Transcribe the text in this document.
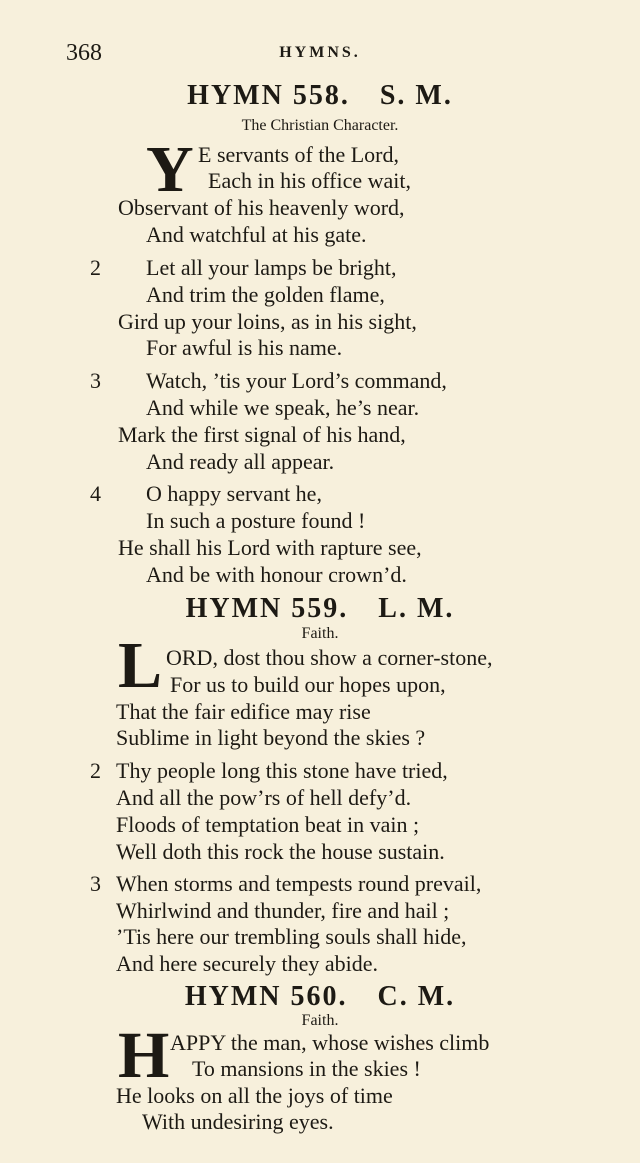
368	HYMNS.
HYMN 558. S. M.
The Christian Character.
Y E servants of the Lord,
Each in his office wait,
Observant of his heavenly word,
And watchful at his gate.
2 Let all your lamps be bright,
And trim the golden flame,
Gird up your loins, as in his sight,
For awful is his name.
3 Watch, ’tis your Lord’s command,
And while we speak, he’s near.
Mark the first signal of his hand,
And ready all appear.
4 O happy servant he,
In such a posture found !
He shall his Lord with rapture see,
And be with honour crown’d.
HYMN 559. L. M.
Faith.
L ORD, dost thou show a corner-stone,
For us to build our hopes upon,
That the fair edifice may rise
Sublime in light beyond the skies ?
2 Thy people long this stone have tried,
And all the pow’rs of hell defy’d.
Floods of temptation beat in vain ;
Well doth this rock the house sustain.
3 When storms and tempests round prevail,
Whirlwind and thunder, fire and hail ;
’Tis here our trembling souls shall hide,
And here securely they abide.
HYMN 560. C. M.
Faith.
H APPY the man, whose wishes climb
To mansions in the skies !
He looks on all the joys of time
With undesiring eyes.
